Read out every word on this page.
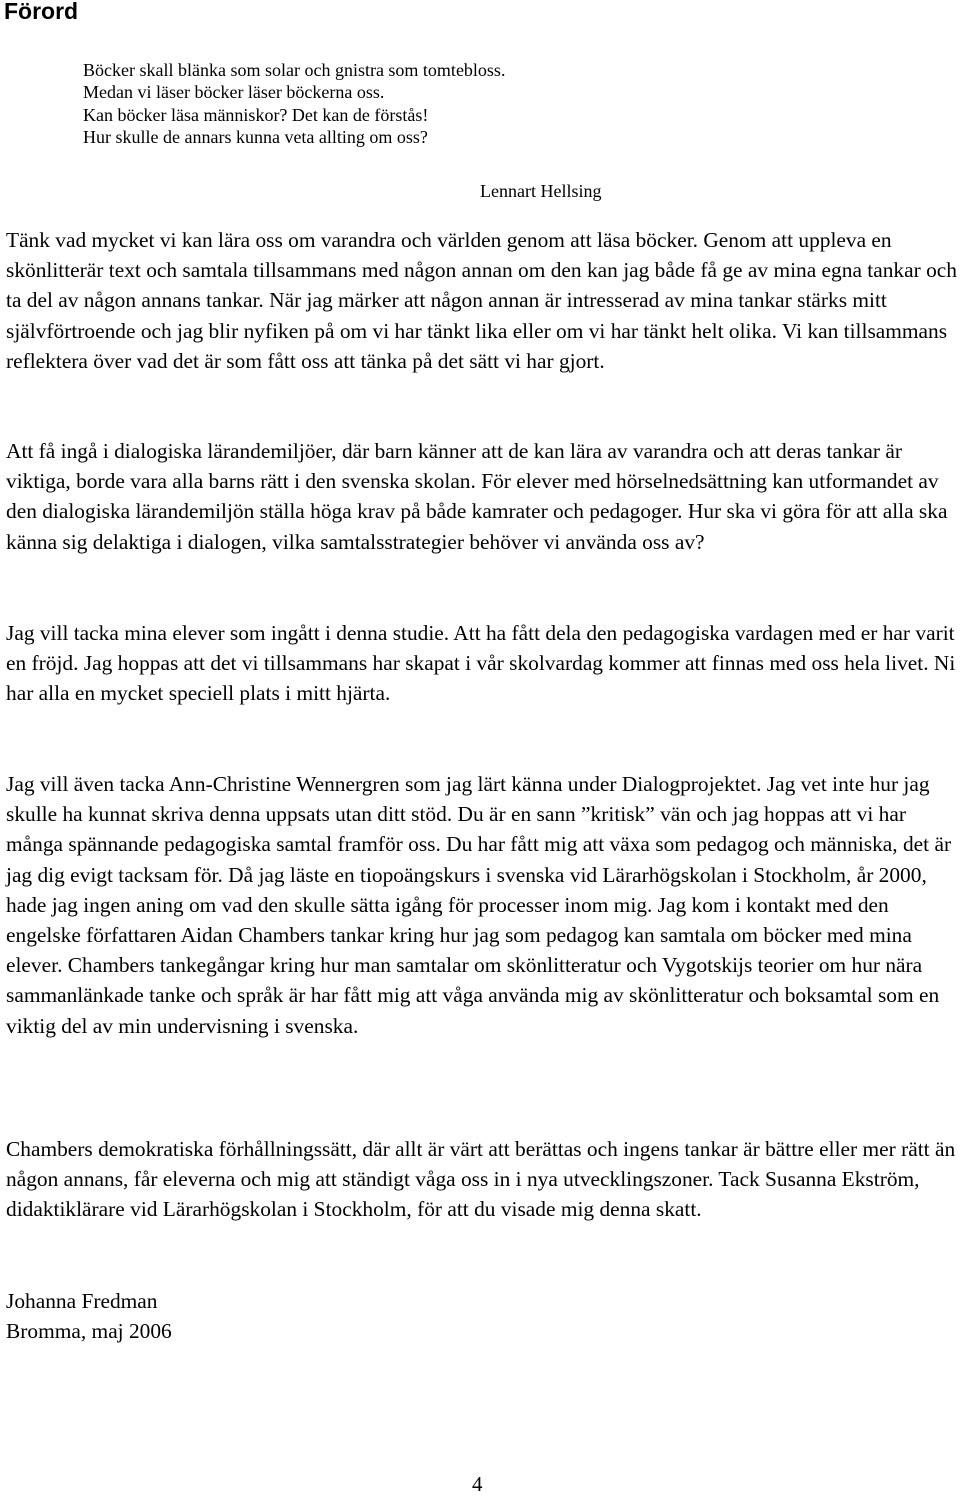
Förord
Böcker skall blänka som solar och gnistra som tomtebloss.
Medan vi läser böcker läser böckerna oss.
Kan böcker läsa människor? Det kan de förstås!
Hur skulle de annars kunna veta allting om oss?
Lennart Hellsing

Tänk vad mycket vi kan lära oss om varandra och världen genom att läsa böcker. Genom att uppleva en skönlitterär text och samtala tillsammans med någon annan om den kan jag både få ge av mina egna tankar och ta del av någon annans tankar. När jag märker att någon annan är intresserad av mina tankar stärks mitt självförtroende och jag blir nyfiken på om vi har tänkt lika eller om vi har tänkt helt olika. Vi kan tillsammans reflektera över vad det är som fått oss att tänka på det sätt vi har gjort.

Att få ingå i dialogiska lärandemiljöer, där barn känner att de kan lära av varandra och att deras tankar är viktiga, borde vara alla barns rätt i den svenska skolan. För elever med hörselnedsättning kan utformandet av den dialogiska lärandemiljön ställa höga krav på både kamrater och pedagoger. Hur ska vi göra för att alla ska känna sig delaktiga i dialogen, vilka samtalsstrategier behöver vi använda oss av?

Jag vill tacka mina elever som ingått i denna studie. Att ha fått dela den pedagogiska vardagen med er har varit en fröjd. Jag hoppas att det vi tillsammans har skapat i vår skolvardag kommer att finnas med oss hela livet. Ni har alla en mycket speciell plats i mitt hjärta.

Jag vill även tacka Ann-Christine Wennergren som jag lärt känna under Dialogprojektet. Jag vet inte hur jag skulle ha kunnat skriva denna uppsats utan ditt stöd. Du är en sann ”kritisk” vän och jag hoppas att vi har många spännande pedagogiska samtal framför oss. Du har fått mig att växa som pedagog och människa, det är jag dig evigt tacksam för. Då jag läste en tiopoängskurs i svenska vid Lärarhögskolan i Stockholm, år 2000, hade jag ingen aning om vad den skulle sätta igång för processer inom mig. Jag kom i kontakt med den engelske författaren Aidan Chambers tankar kring hur jag som pedagog kan samtala om böcker med mina elever. Chambers tankegångar kring hur man samtalar om skönlitteratur och Vygotskijs teorier om hur nära sammanlänkade tanke och språk är har fått mig att våga använda mig av skönlitteratur och boksamtal som en viktig del av min undervisning i svenska.

Chambers demokratiska förhållningssätt, där allt är värt att berättas och ingens tankar är bättre eller mer rätt än någon annans, får eleverna och mig att ständigt våga oss in i nya utvecklingszoner. Tack Susanna Ekström, didaktiklärare vid Lärarhögskolan i Stockholm, för att du visade mig denna skatt.

Johanna Fredman
Bromma, maj 2006
4
